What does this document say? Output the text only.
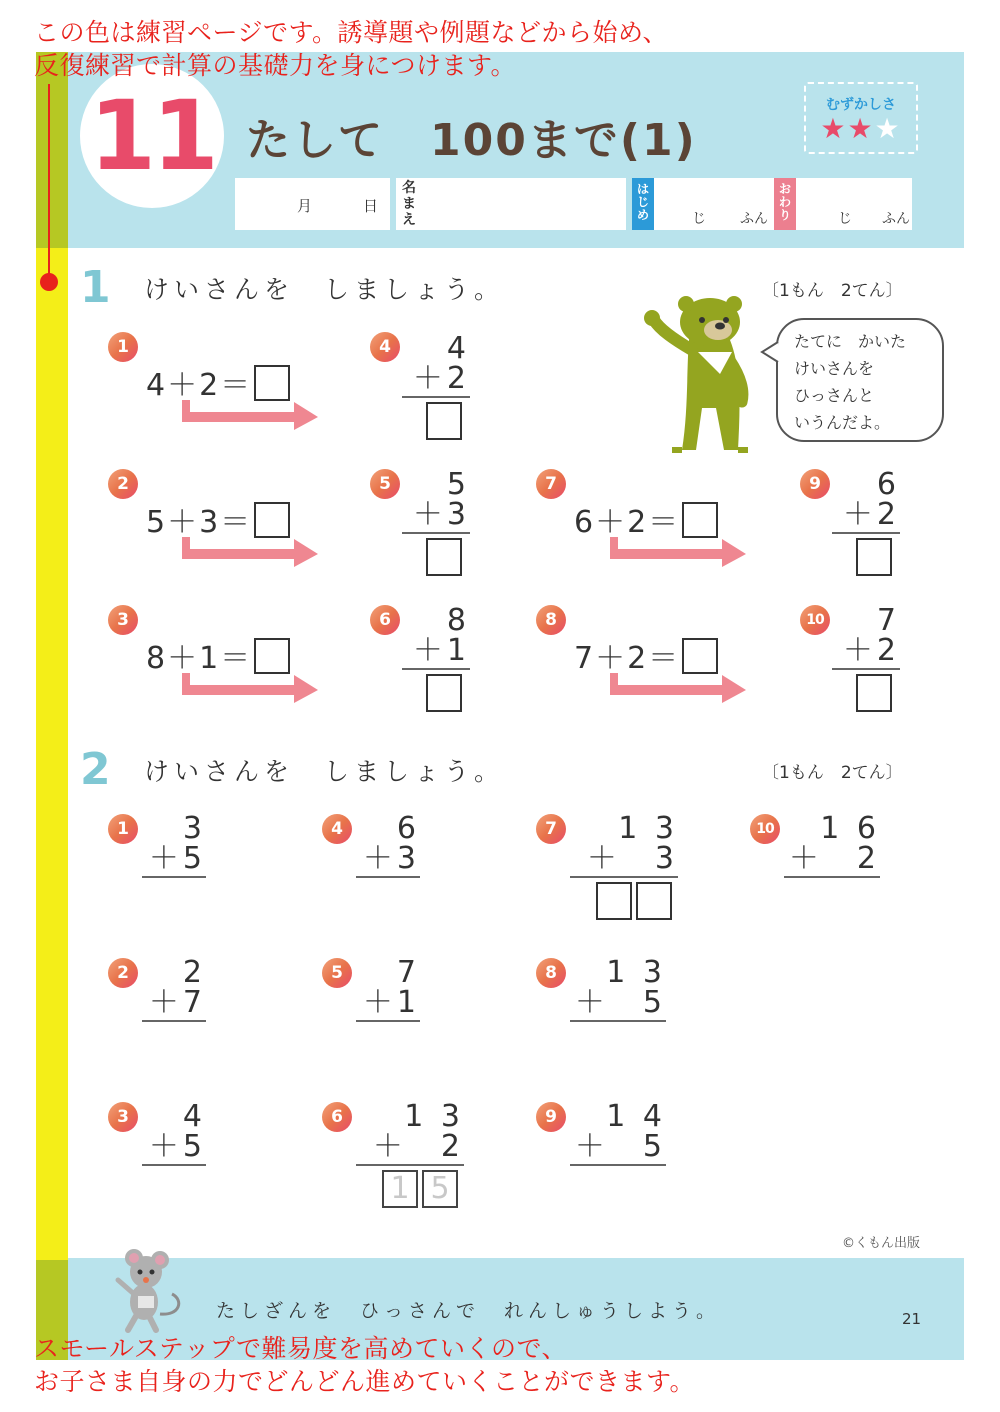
11 たして　100まで(1)
月	日
名まえ
はじめ	じ ふん
おわり	じ ふん
むずかしさ
★★★
1 けいさんを　しましょう。	〔1もん　2てん〕
1
4＋2＝
2
5＋3＝
3
8＋1＝
7
6＋2＝
8
7＋2＝
4	4
＋2
5	5
＋3
6	8
＋1
9	6
＋2
10 7
＋2
たてに　かいた
けいさんを
ひっさんと
いうんだよ。
2 けいさんを　しましょう。	〔1もん　2てん〕
1	3
＋5
2	2
＋7
3	4
＋5
4	6
＋3
5	7
＋1
6	1 3
＋　2
1 5
7	1 3
＋　3
8	1 3
＋　5
9	1 4
＋　5
10 1 6
＋　2
©くもん出版
たしざんを　ひっさんで　れんしゅうしよう。	21
この色は練習ページです。誘導題や例題などから始め、
反復練習で計算の基礎力を身につけます。
スモールステップで難易度を高めていくので、
お子さま自身の力でどんどん進めていくことができます。
